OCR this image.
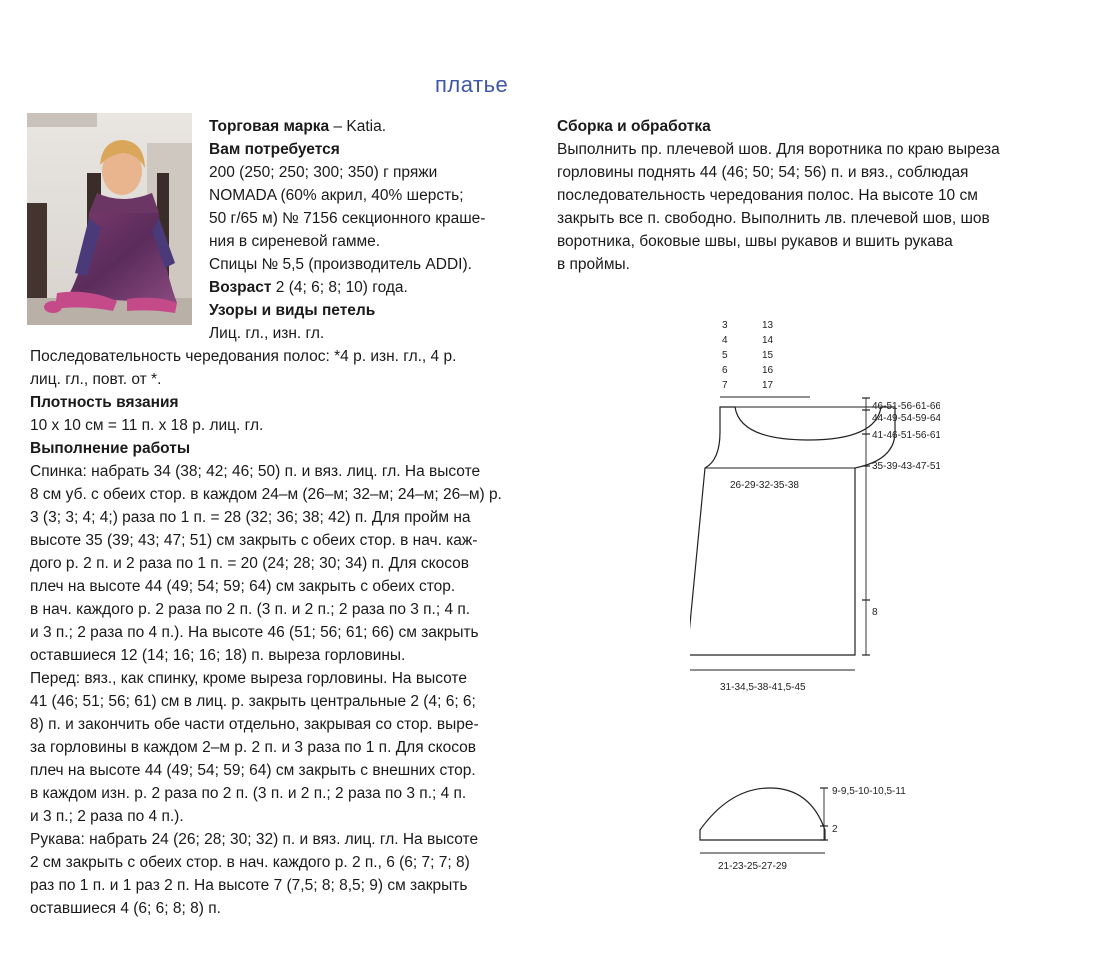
платье
Торговая марка – Katia.
Вам потребуется
200 (250; 250; 300; 350) г пряжи
NOMADA (60% акрил, 40% шерсть;
50 г/65 м) № 7156 секционного краше-
ния в сиреневой гамме.
Спицы № 5,5 (производитель ADDI).
Возраст 2 (4; 6; 8; 10) года.
Узоры и виды петель
Лиц. гл., изн. гл.
Последовательность чередования полос: *4 р. изн. гл., 4 р.
лиц. гл., повт. от *.
Плотность вязания
10 х 10 см = 11 п. х 18 р. лиц. гл.
Выполнение работы
Спинка: набрать 34 (38; 42; 46; 50) п. и вяз. лиц. гл. На высоте
8 см уб. с обеих стор. в каждом 24–м (26–м; 32–м; 24–м; 26–м) р.
3 (3; 3; 4; 4;) раза по 1 п. = 28 (32; 36; 38; 42) п. Для пройм на
высоте 35 (39; 43; 47; 51) см закрыть с обеих стор. в нач. каж-
дого р. 2 п. и 2 раза по 1 п. = 20 (24; 28; 30; 34) п. Для скосов
плеч на высоте 44 (49; 54; 59; 64) см закрыть с обеих стор.
в нач. каждого р. 2 раза по 2 п. (3 п. и 2 п.; 2 раза по 3 п.; 4 п.
и 3 п.; 2 раза по 4 п.). На высоте 46 (51; 56; 61; 66) см закрыть
оставшиеся 12 (14; 16; 16; 18) п. выреза горловины.
Перед: вяз., как спинку, кроме выреза горловины. На высоте
41 (46; 51; 56; 61) см в лиц. р. закрыть центральные 2 (4; 6; 6;
8) п. и закончить обе части отдельно, закрывая со стор. выре-
за горловины в каждом 2–м р. 2 п. и 3 раза по 1 п. Для скосов
плеч на высоте 44 (49; 54; 59; 64) см закрыть с внешних стор.
в каждом изн. р. 2 раза по 2 п. (3 п. и 2 п.; 2 раза по 3 п.; 4 п.
и 3 п.; 2 раза по 4 п.).
Рукава: набрать 24 (26; 28; 30; 32) п. и вяз. лиц. гл. На высоте
2 см закрыть с обеих стор. в нач. каждого р. 2 п., 6 (6; 7; 7; 8)
раз по 1 п. и 1 раз 2 п. На высоте 7 (7,5; 8; 8,5; 9) см закрыть
оставшиеся 4 (6; 6; 8; 8) п.
Сборка и обработка
Выполнить пр. плечевой шов. Для воротника по краю выреза
горловины поднять 44 (46; 50; 54; 56) п. и вяз., соблюдая
последовательность чередования полос. На высоте 10 см
закрыть все п. свободно. Выполнить лв. плечевой шов, шов
воротника, боковые швы, швы рукавов и вшить рукава
в проймы.
3
4
5
6
7
13
14
15
16
17
46-51-56-61-66
44-49-54-59-64
41-46-51-56-61
35-39-43-47-51
8
26-29-32-35-38
31-34,5-38-41,5-45
9-9,5-10-10,5-11
2
21-23-25-27-29
